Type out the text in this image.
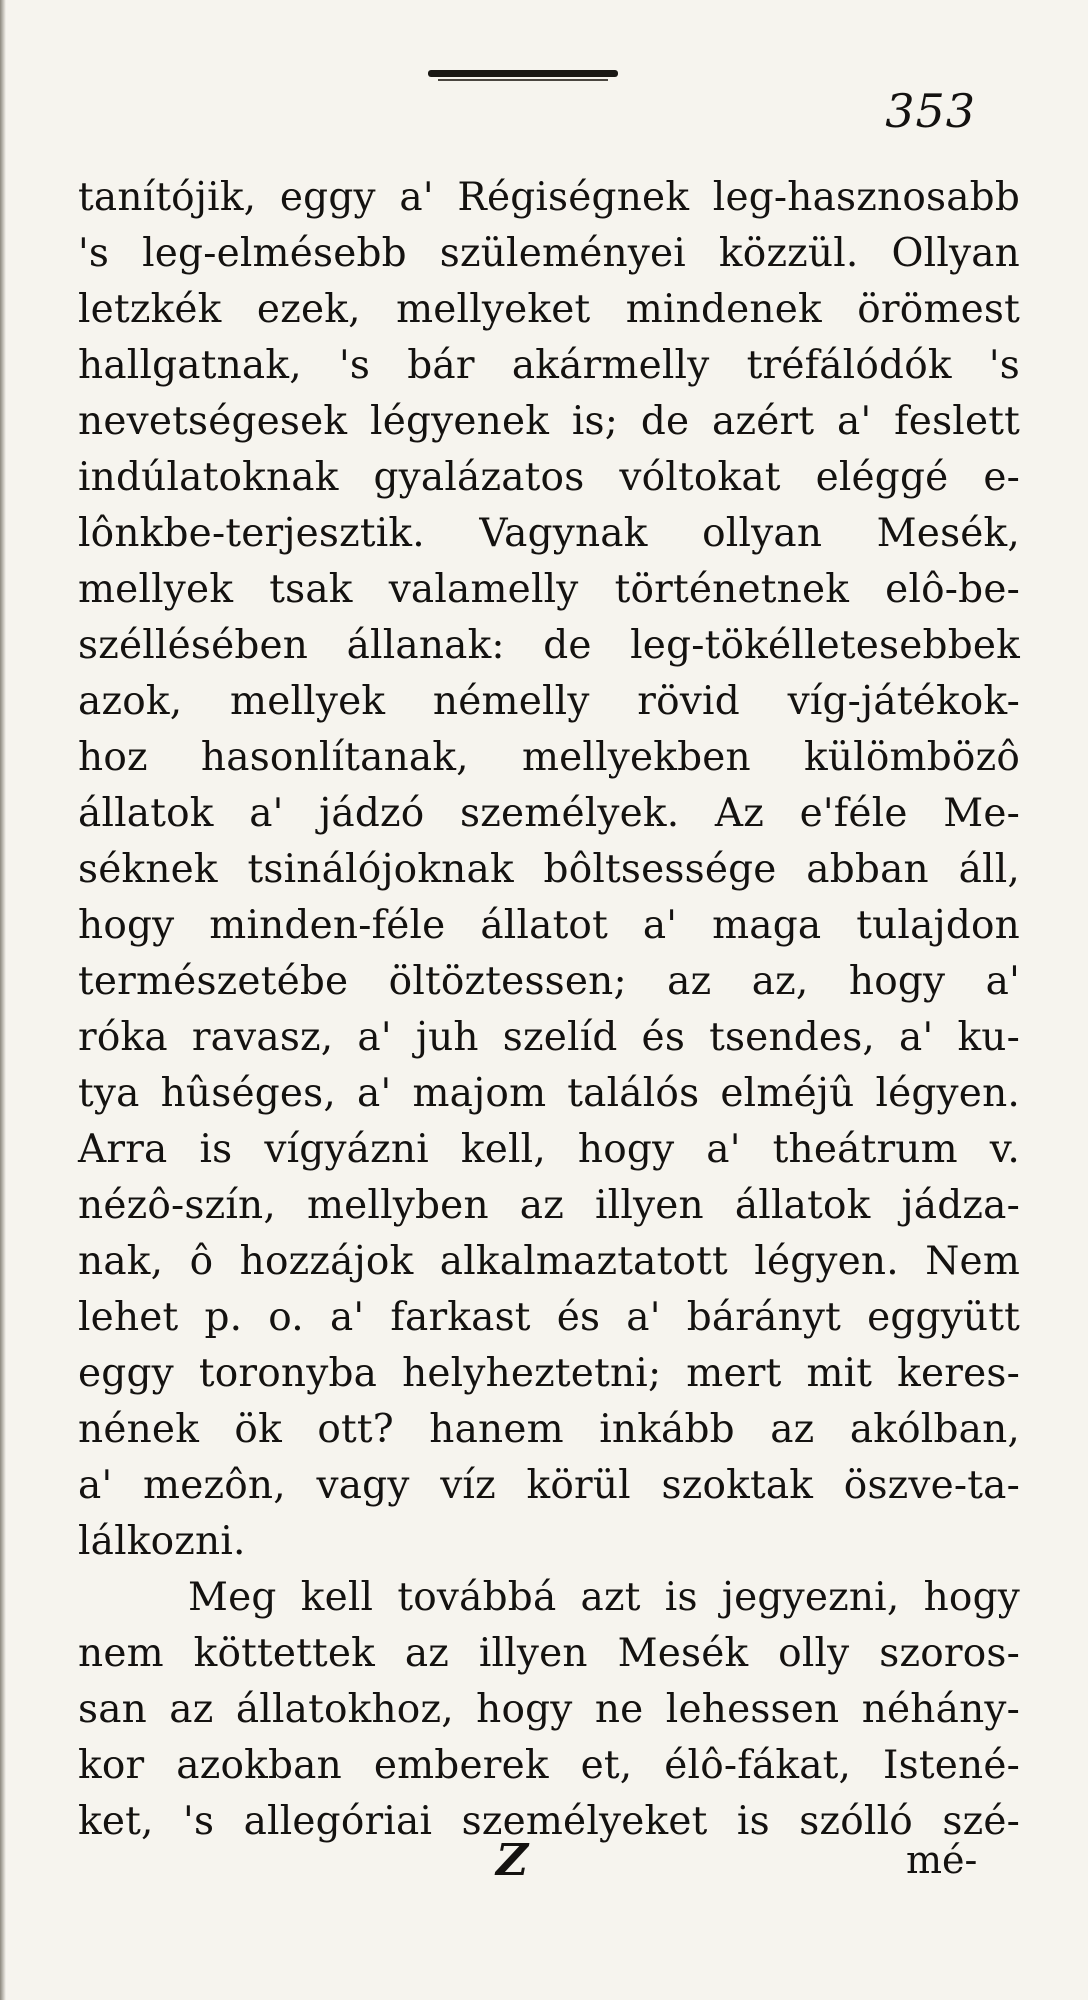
353
tanítójik, eggy a' Régiségnek leg-hasznosabb
's leg-elmésebb szüleményei közzül. Ollyan
letzkék ezek, mellyeket mindenek örömest
hallgatnak, 's bár akármelly tréfálódók 's
nevetségesek légyenek is; de azért a' feslett
indúlatoknak gyalázatos vóltokat eléggé e-
lônkbe-terjesztik. Vagynak ollyan Mesék,
mellyek tsak valamelly történetnek elô-be-
széllésében állanak: de leg-tökélletesebbek
azok, mellyek némelly rövid víg-játékok-
hoz hasonlítanak, mellyekben külömbözô
állatok a' jádzó személyek. Az e'féle Me-
séknek tsinálójoknak bôltsessége abban áll,
hogy minden-féle állatot a' maga tulajdon
természetébe öltöztessen; az az, hogy a'
róka ravasz, a' juh szelíd és tsendes, a' ku-
tya hûséges, a' majom találós elméjû légyen.
Arra is vígyázni kell, hogy a' theátrum v.
nézô-szín, mellyben az illyen állatok jádza-
nak, ô hozzájok alkalmaztatott légyen. Nem
lehet p. o. a' farkast és a' bárányt eggyütt
eggy toronyba helyheztetni; mert mit keres-
nének ök ott? hanem inkább az akólban,
a' mezôn, vagy víz körül szoktak öszve-ta-
lálkozni.
Meg kell továbbá azt is jegyezni, hogy
nem köttettek az illyen Mesék olly szoros-
san az állatokhoz, hogy ne lehessen néhány-
kor azokban emberek et, élô-fákat, Istené-
ket, 's allegóriai személyeket is szólló szé-
Z	mé-
